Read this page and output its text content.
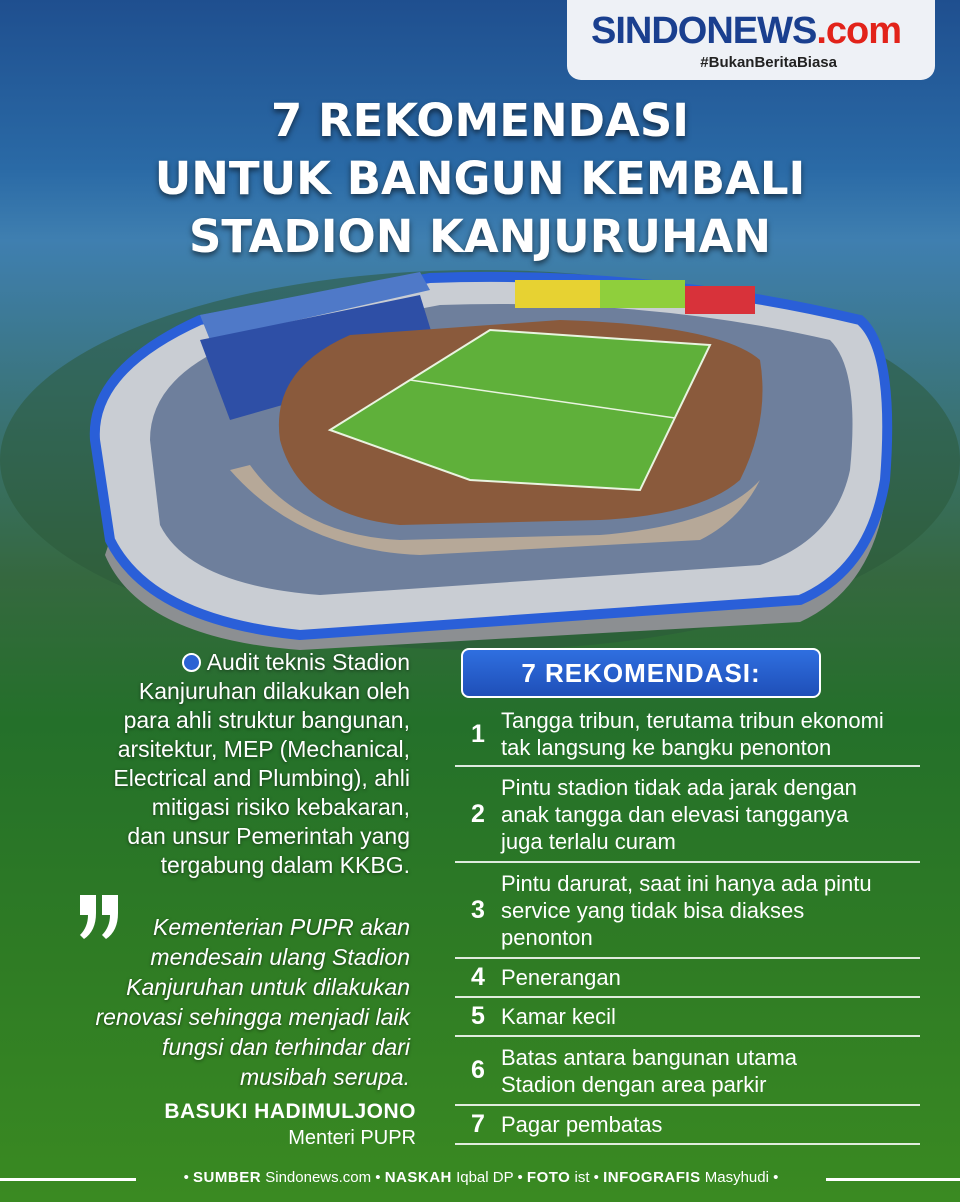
SINDONEWS.com
#BukanBeritaBiasa
7 REKOMENDASI
UNTUK BANGUN KEMBALI
STADION KANJURUHAN
Audit teknis Stadion
Kanjuruhan dilakukan oleh
para ahli struktur bangunan,
arsitektur, MEP (Mechanical,
Electrical and Plumbing), ahli
mitigasi risiko kebakaran,
dan unsur Pemerintah yang
tergabung dalam KKBG.
Kementerian PUPR akan
mendesain ulang Stadion
Kanjuruhan untuk dilakukan
renovasi sehingga menjadi laik
fungsi dan terhindar dari
musibah serupa.
BASUKI HADIMULJONO
Menteri PUPR
7 REKOMENDASI:
1 Tangga tribun, terutama tribun ekonomi
tak langsung ke bangku penonton
2
Pintu stadion tidak ada jarak dengan
anak tangga dan elevasi tangganya
juga terlalu curam
3
Pintu darurat, saat ini hanya ada pintu
service yang tidak bisa diakses
penonton
4 Penerangan
5 Kamar kecil
6 Batas antara bangunan utama
Stadion dengan area parkir
7 Pagar pembatas
• SUMBER Sindonews.com • NASKAH Iqbal DP • FOTO ist • INFOGRAFIS Masyhudi •
